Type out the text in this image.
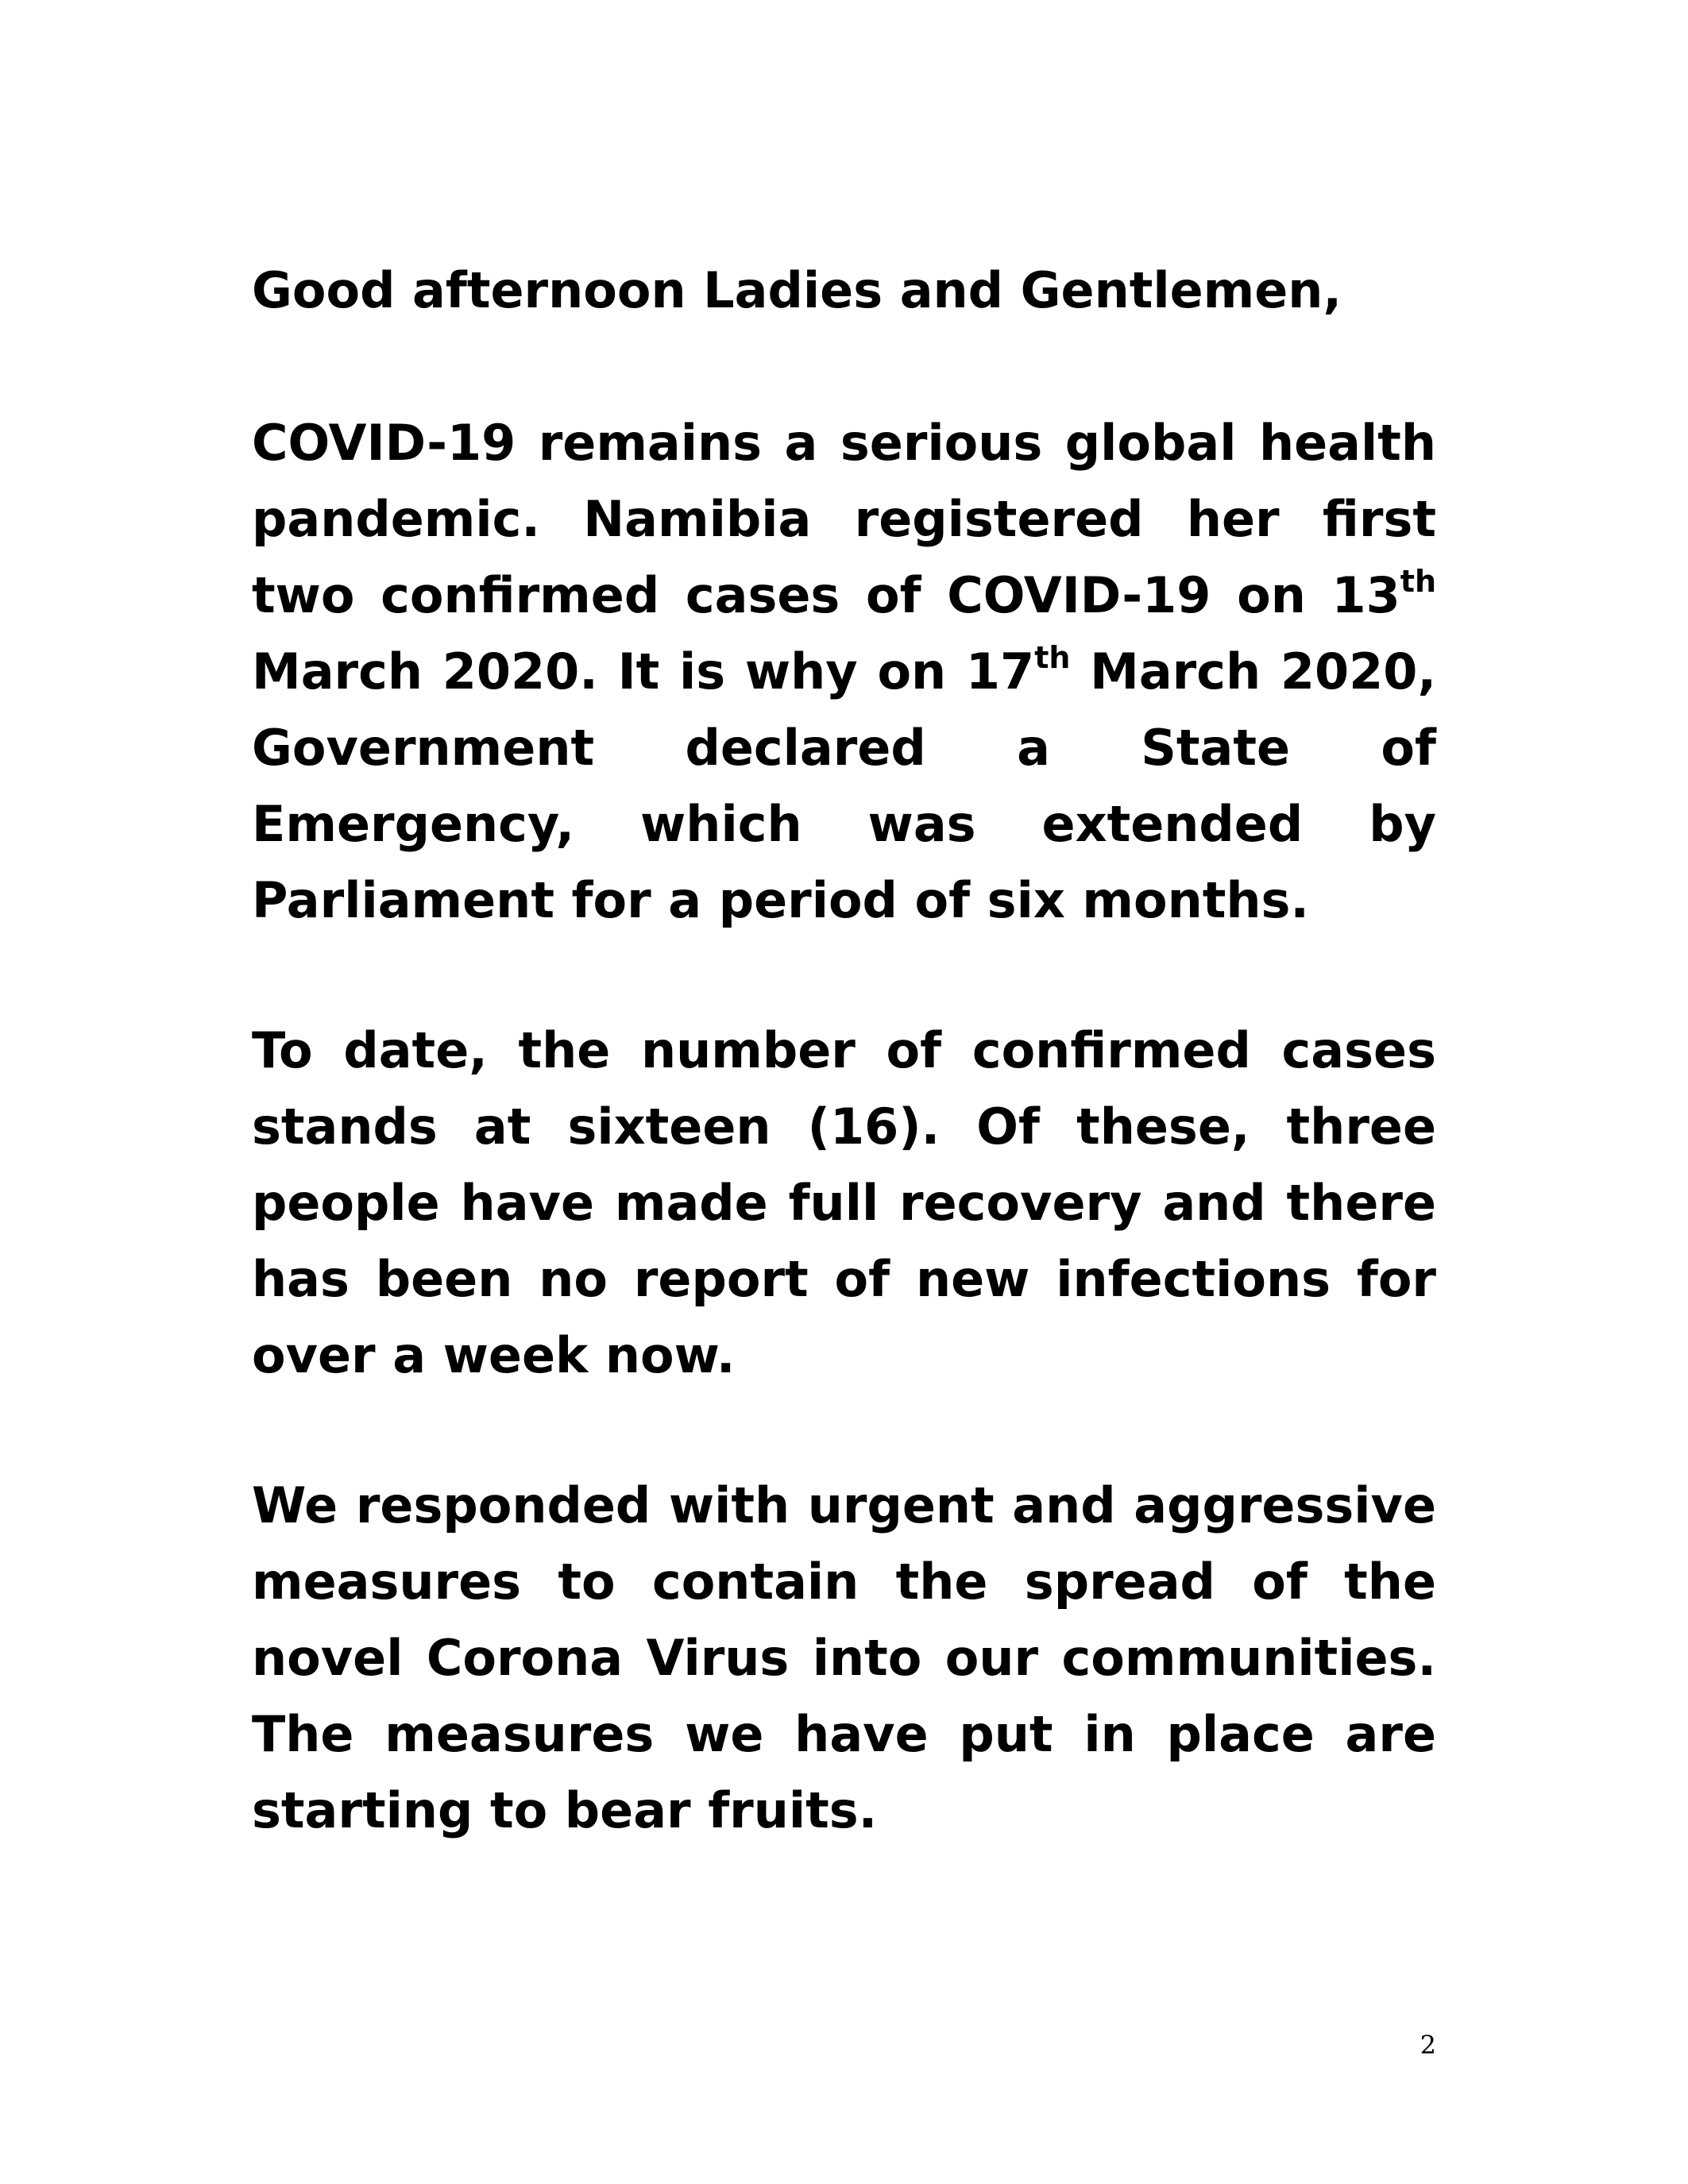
Good afternoon Ladies and Gentlemen,

COVID-19 remains a serious global health pandemic. Namibia registered her first two confirmed cases of COVID-19 on 13th March 2020. It is why on 17th March 2020, Government declared a State of Emergency, which was extended by Parliament for a period of six months.

To date, the number of confirmed cases stands at sixteen (16). Of these, three people have made full recovery and there has been no report of new infections for over a week now.

We responded with urgent and aggressive measures to contain the spread of the novel Corona Virus into our communities. The measures we have put in place are starting to bear fruits.

2
